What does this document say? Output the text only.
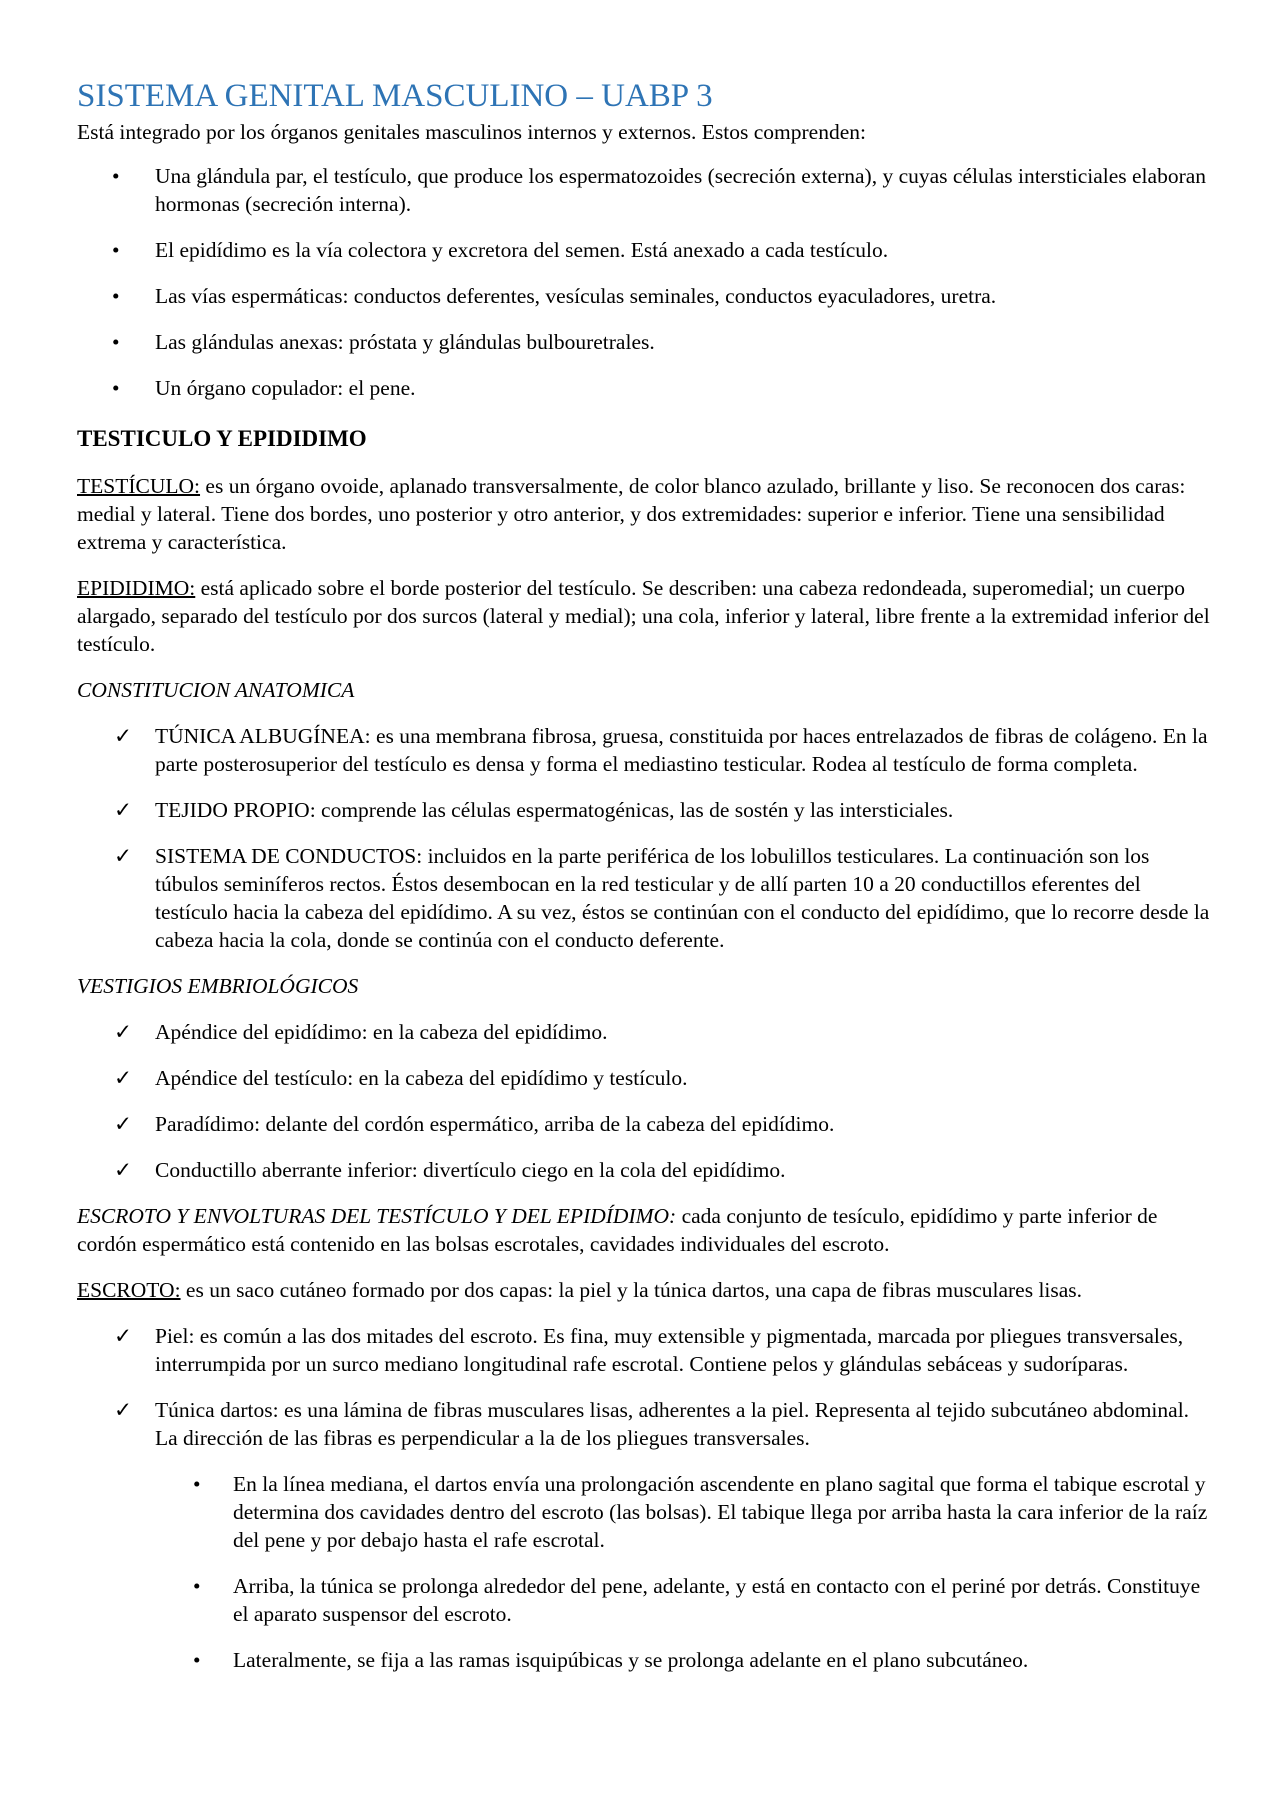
SISTEMA GENITAL MASCULINO – UABP 3

Está integrado por los órganos genitales masculinos internos y externos. Estos comprenden:

• Una glándula par, el testículo, que produce los espermatozoides (secreción externa), y cuyas células intersticiales elaboran hormonas (secreción interna).
• El epidídimo es la vía colectora y excretora del semen. Está anexado a cada testículo.
• Las vías espermáticas: conductos deferentes, vesículas seminales, conductos eyaculadores, uretra.
• Las glándulas anexas: próstata y glándulas bulbouretrales.
• Un órgano copulador: el pene.

TESTICULO Y EPIDIDIMO

TESTÍCULO: es un órgano ovoide, aplanado transversalmente, de color blanco azulado, brillante y liso. Se reconocen dos caras: medial y lateral. Tiene dos bordes, uno posterior y otro anterior, y dos extremidades: superior e inferior. Tiene una sensibilidad extrema y característica.

EPIDIDIMO: está aplicado sobre el borde posterior del testículo. Se describen: una cabeza redondeada, superomedial; un cuerpo alargado, separado del testículo por dos surcos (lateral y medial); una cola, inferior y lateral, libre frente a la extremidad inferior del testículo.

CONSTITUCION ANATOMICA

✓ TÚNICA ALBUGÍNEA: es una membrana fibrosa, gruesa, constituida por haces entrelazados de fibras de colágeno. En la parte posterosuperior del testículo es densa y forma el mediastino testicular. Rodea al testículo de forma completa.
✓ TEJIDO PROPIO: comprende las células espermatogénicas, las de sostén y las intersticiales.
✓ SISTEMA DE CONDUCTOS: incluidos en la parte periférica de los lobulillos testiculares. La continuación son los túbulos seminíferos rectos. Éstos desembocan en la red testicular y de allí parten 10 a 20 conductillos eferentes del testículo hacia la cabeza del epidídimo. A su vez, éstos se continúan con el conducto del epidídimo, que lo recorre desde la cabeza hacia la cola, donde se continúa con el conducto deferente.

VESTIGIOS EMBRIOLÓGICOS

✓ Apéndice del epidídimo: en la cabeza del epidídimo.
✓ Apéndice del testículo: en la cabeza del epidídimo y testículo.
✓ Paradídimo: delante del cordón espermático, arriba de la cabeza del epidídimo.
✓ Conductillo aberrante inferior: divertículo ciego en la cola del epidídimo.

ESCROTO Y ENVOLTURAS DEL TESTÍCULO Y DEL EPIDÍDIMO: cada conjunto de tesículo, epidídimo y parte inferior de cordón espermático está contenido en las bolsas escrotales, cavidades individuales del escroto.

ESCROTO: es un saco cutáneo formado por dos capas: la piel y la túnica dartos, una capa de fibras musculares lisas.

✓ Piel: es común a las dos mitades del escroto. Es fina, muy extensible y pigmentada, marcada por pliegues transversales, interrumpida por un surco mediano longitudinal rafe escrotal. Contiene pelos y glándulas sebáceas y sudoríparas.
✓ Túnica dartos: es una lámina de fibras musculares lisas, adherentes a la piel. Representa al tejido subcutáneo abdominal. La dirección de las fibras es perpendicular a la de los pliegues transversales.
• En la línea mediana, el dartos envía una prolongación ascendente en plano sagital que forma el tabique escrotal y determina dos cavidades dentro del escroto (las bolsas). El tabique llega por arriba hasta la cara inferior de la raíz del pene y por debajo hasta el rafe escrotal.
• Arriba, la túnica se prolonga alrededor del pene, adelante, y está en contacto con el periné por detrás. Constituye el aparato suspensor del escroto.
• Lateralmente, se fija a las ramas isquipúbicas y se prolonga adelante en el plano subcutáneo.
